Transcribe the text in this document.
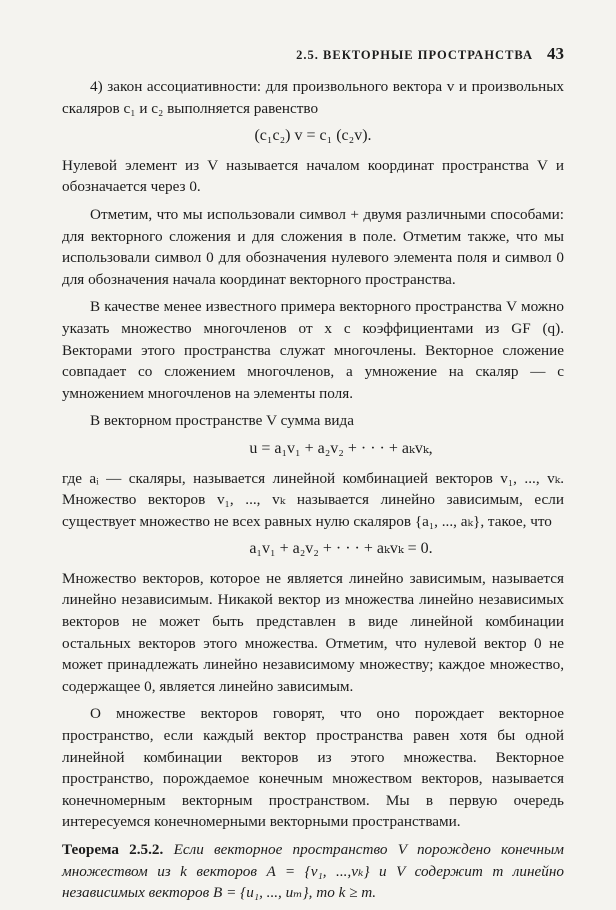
2.5. ВЕКТОРНЫЕ ПРОСТРАНСТВА 43

4) закон ассоциативности: для произвольного вектора v и произвольных скаляров c₁ и c₂ выполняется равенство

(c₁c₂) v = c₁ (c₂v).

Нулевой элемент из V называется началом координат пространства V и обозначается через 0.

Отметим, что мы использовали символ + двумя различными способами: для векторного сложения и для сложения в поле. Отметим также, что мы использовали символ 0 для обозначения нулевого элемента поля и символ 0 для обозначения начала координат векторного пространства.

В качестве менее известного примера векторного пространства V можно указать множество многочленов от x с коэффициентами из GF (q). Векторами этого пространства служат многочлены. Векторное сложение совпадает со сложением многочленов, а умножение на скаляр — с умножением многочленов на элементы поля.

В векторном пространстве V сумма вида

u = a₁v₁ + a₂v₂ + · · · + aₖvₖ,

где aᵢ — скаляры, называется линейной комбинацией векторов v₁, ..., vₖ. Множество векторов v₁, ..., vₖ называется линейно зависимым, если существует множество не всех равных нулю скаляров {a₁, ..., aₖ}, такое, что

a₁v₁ + a₂v₂ + · · · + aₖvₖ = 0.

Множество векторов, которое не является линейно зависимым, называется линейно независимым. Никакой вектор из множества линейно независимых векторов не может быть представлен в виде линейной комбинации остальных векторов этого множества. Отметим, что нулевой вектор 0 не может принадлежать линейно независимому множеству; каждое множество, содержащее 0, является линейно зависимым.

О множестве векторов говорят, что оно порождает векторное пространство, если каждый вектор пространства равен хотя бы одной линейной комбинации векторов из этого множества. Векторное пространство, порождаемое конечным множеством векторов, называется конечномерным векторным пространством. Мы в первую очередь интересуемся конечномерными векторными пространствами.

Теорема 2.5.2. Если векторное пространство V порождено конечным множеством из k векторов A = {v₁, ...,vₖ} и V содержит m линейно независимых векторов B = {u₁, ..., uₘ}, то k ≥ m.
